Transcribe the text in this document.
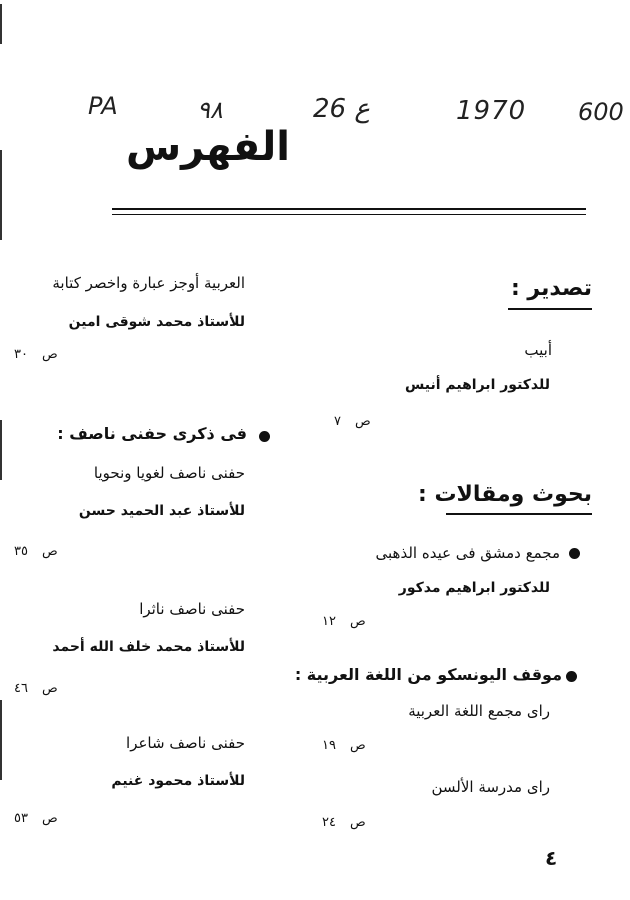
PA	٩٨	26 ع	1970 600
الفهرس
تصدير :
أبيب
للدكتور ابراهيم أنيس
ص٧
بحوث ومقالات :
مجمع دمشق فى عيده الذهبى
للدكتور ابراهيم مدكور
ص١٢
موقف اليونسكو من اللغة العربية :
راى مجمع اللغة العربية
ص١٩
راى مدرسة الألسن
ص٢٤
العربية أوجز عبارة واخصر كتابة
للأستاذ محمد شوقى امين
ص٣٠
فى ذكرى حفنى ناصف :
حفنى ناصف لغويا ونحويا
للأستاذ عبد الحميد حسن
ص٣٥
حفنى ناصف ناثرا
للأستاذ محمد خلف الله أحمد
ص٤٦
حفنى ناصف شاعرا
للأستاذ محمود غنيم
ص٥٣
٤
